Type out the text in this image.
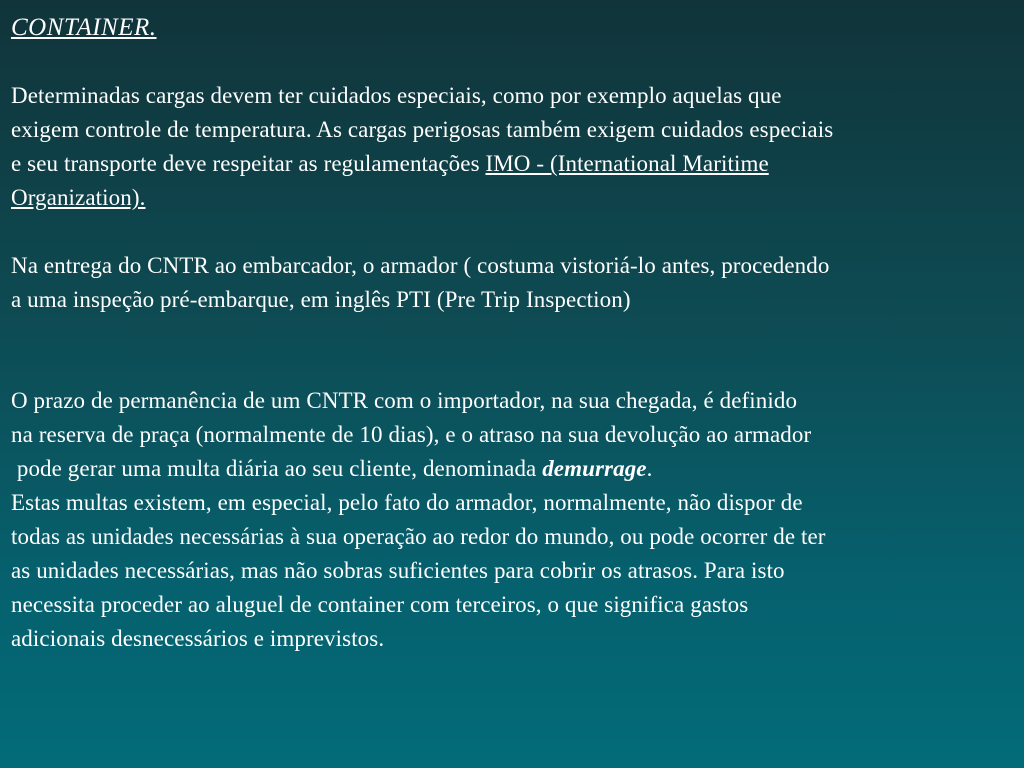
CONTAINER.

Determinadas cargas devem ter cuidados especiais, como por exemplo aquelas que

exigem controle de temperatura. As cargas perigosas também exigem cuidados especiais

e seu transporte deve respeitar as regulamentações IMO - (International Maritime

Organization).

Na entrega do CNTR ao embarcador, o armador ( costuma vistoriá-lo antes, procedendo

a uma inspeção pré-embarque, em inglês PTI (Pre Trip Inspection)

O prazo de permanência de um CNTR com o importador, na sua chegada, é definido

na reserva de praça (normalmente de 10 dias), e o atraso na sua devolução ao armador

pode gerar uma multa diária ao seu cliente, denominada demurrage.

Estas multas existem, em especial, pelo fato do armador, normalmente, não dispor de

todas as unidades necessárias à sua operação ao redor do mundo, ou pode ocorrer de ter

as unidades necessárias, mas não sobras suficientes para cobrir os atrasos. Para isto

necessita proceder ao aluguel de container com terceiros, o que significa gastos

adicionais desnecessários e imprevistos.
